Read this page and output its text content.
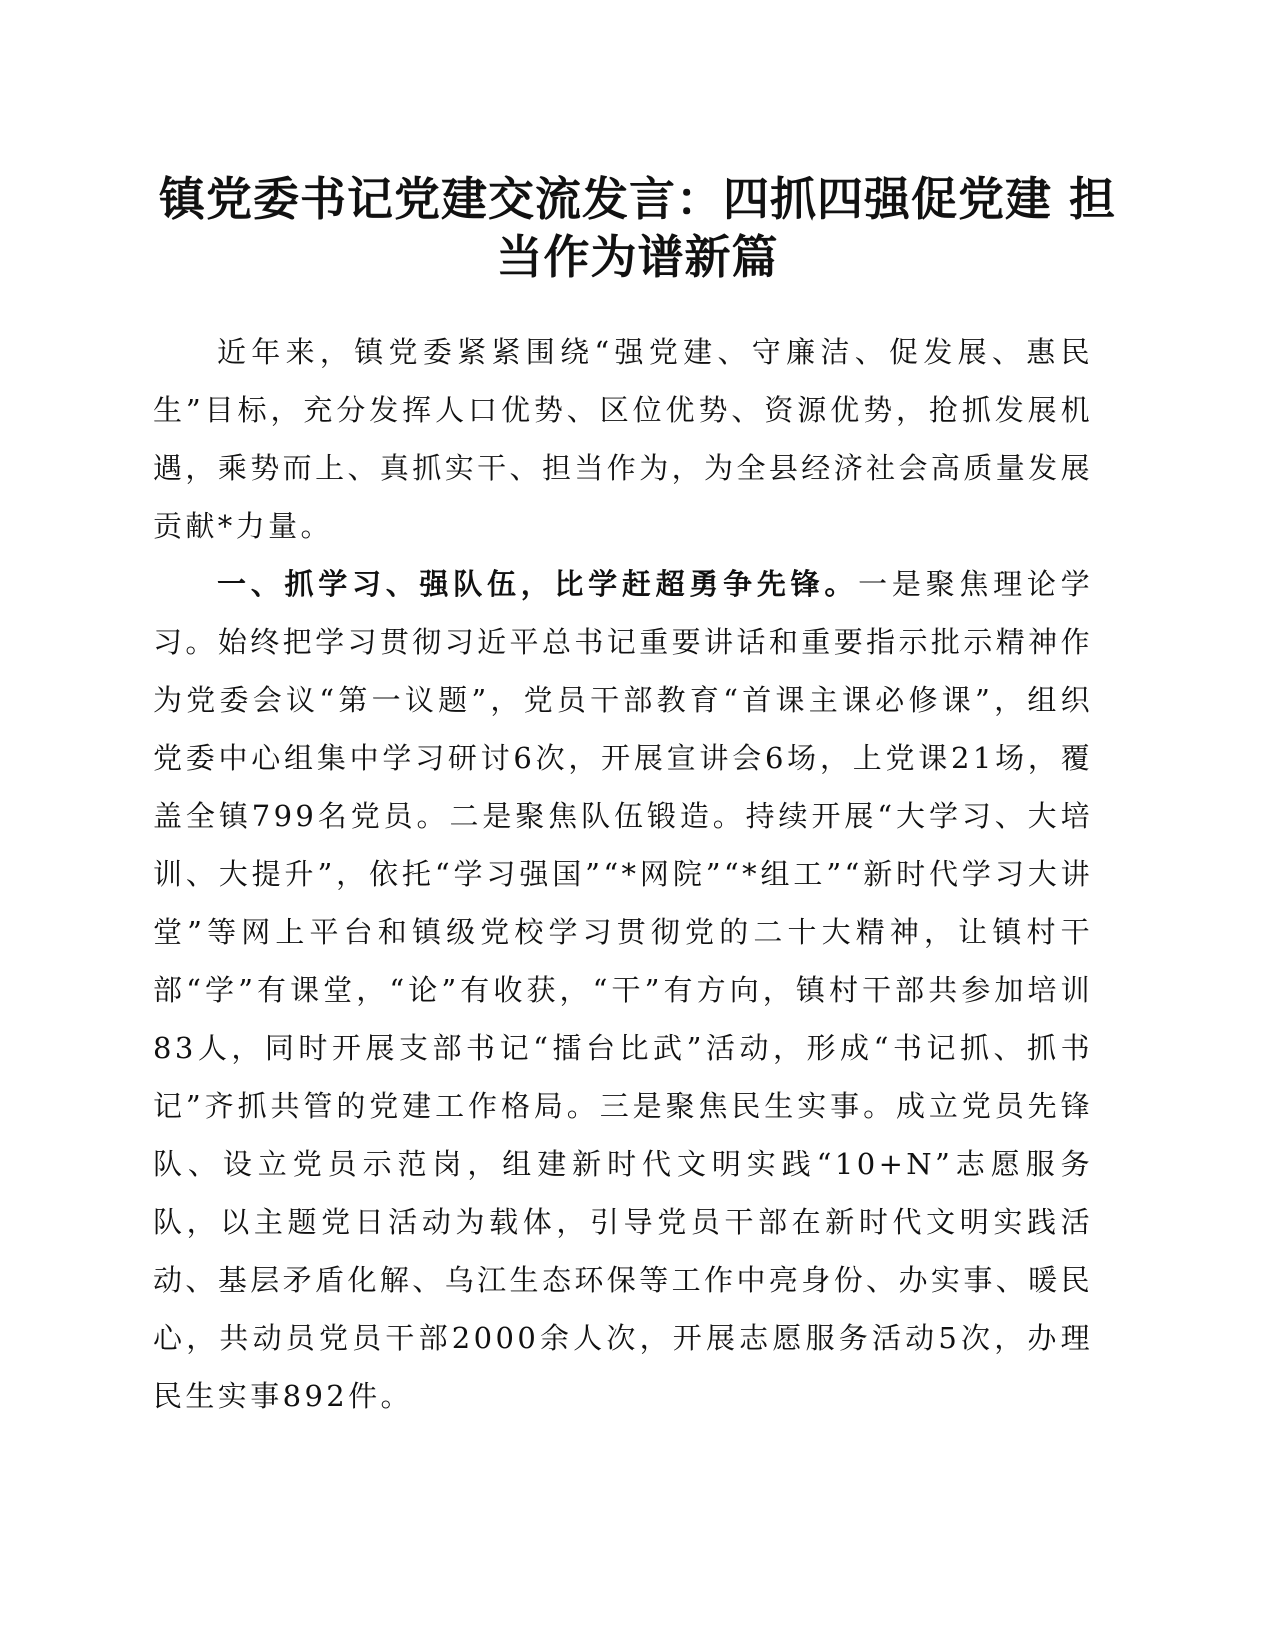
镇党委书记党建交流发言：四抓四强促党建 担
当作为谱新篇

近年来，镇党委紧紧围绕“强党建、守廉洁、促发展、惠民生”目标，充分发挥人口优势、区位优势、资源优势，抢抓发展机遇，乘势而上、真抓实干、担当作为，为全县经济社会高质量发展贡献*力量。

一、抓学习、强队伍，比学赶超勇争先锋。一是聚焦理论学习。始终把学习贯彻习近平总书记重要讲话和重要指示批示精神作为党委会议“第一议题”，党员干部教育“首课主课必修课”，组织党委中心组集中学习研讨6次，开展宣讲会6场，上党课21场，覆盖全镇799名党员。二是聚焦队伍锻造。持续开展“大学习、大培训、大提升”，依托“学习强国”“*网院”“*组工”“新时代学习大讲堂”等网上平台和镇级党校学习贯彻党的二十大精神，让镇村干部“学”有课堂，“论”有收获，“干”有方向，镇村干部共参加培训83人，同时开展支部书记“擂台比武”活动，形成“书记抓、抓书记”齐抓共管的党建工作格局。三是聚焦民生实事。成立党员先锋队、设立党员示范岗，组建新时代文明实践“10+N”志愿服务队，以主题党日活动为载体，引导党员干部在新时代文明实践活动、基层矛盾化解、乌江生态环保等工作中亮身份、办实事、暖民心，共动员党员干部2000余人次，开展志愿服务活动5次，办理民生实事892件。
